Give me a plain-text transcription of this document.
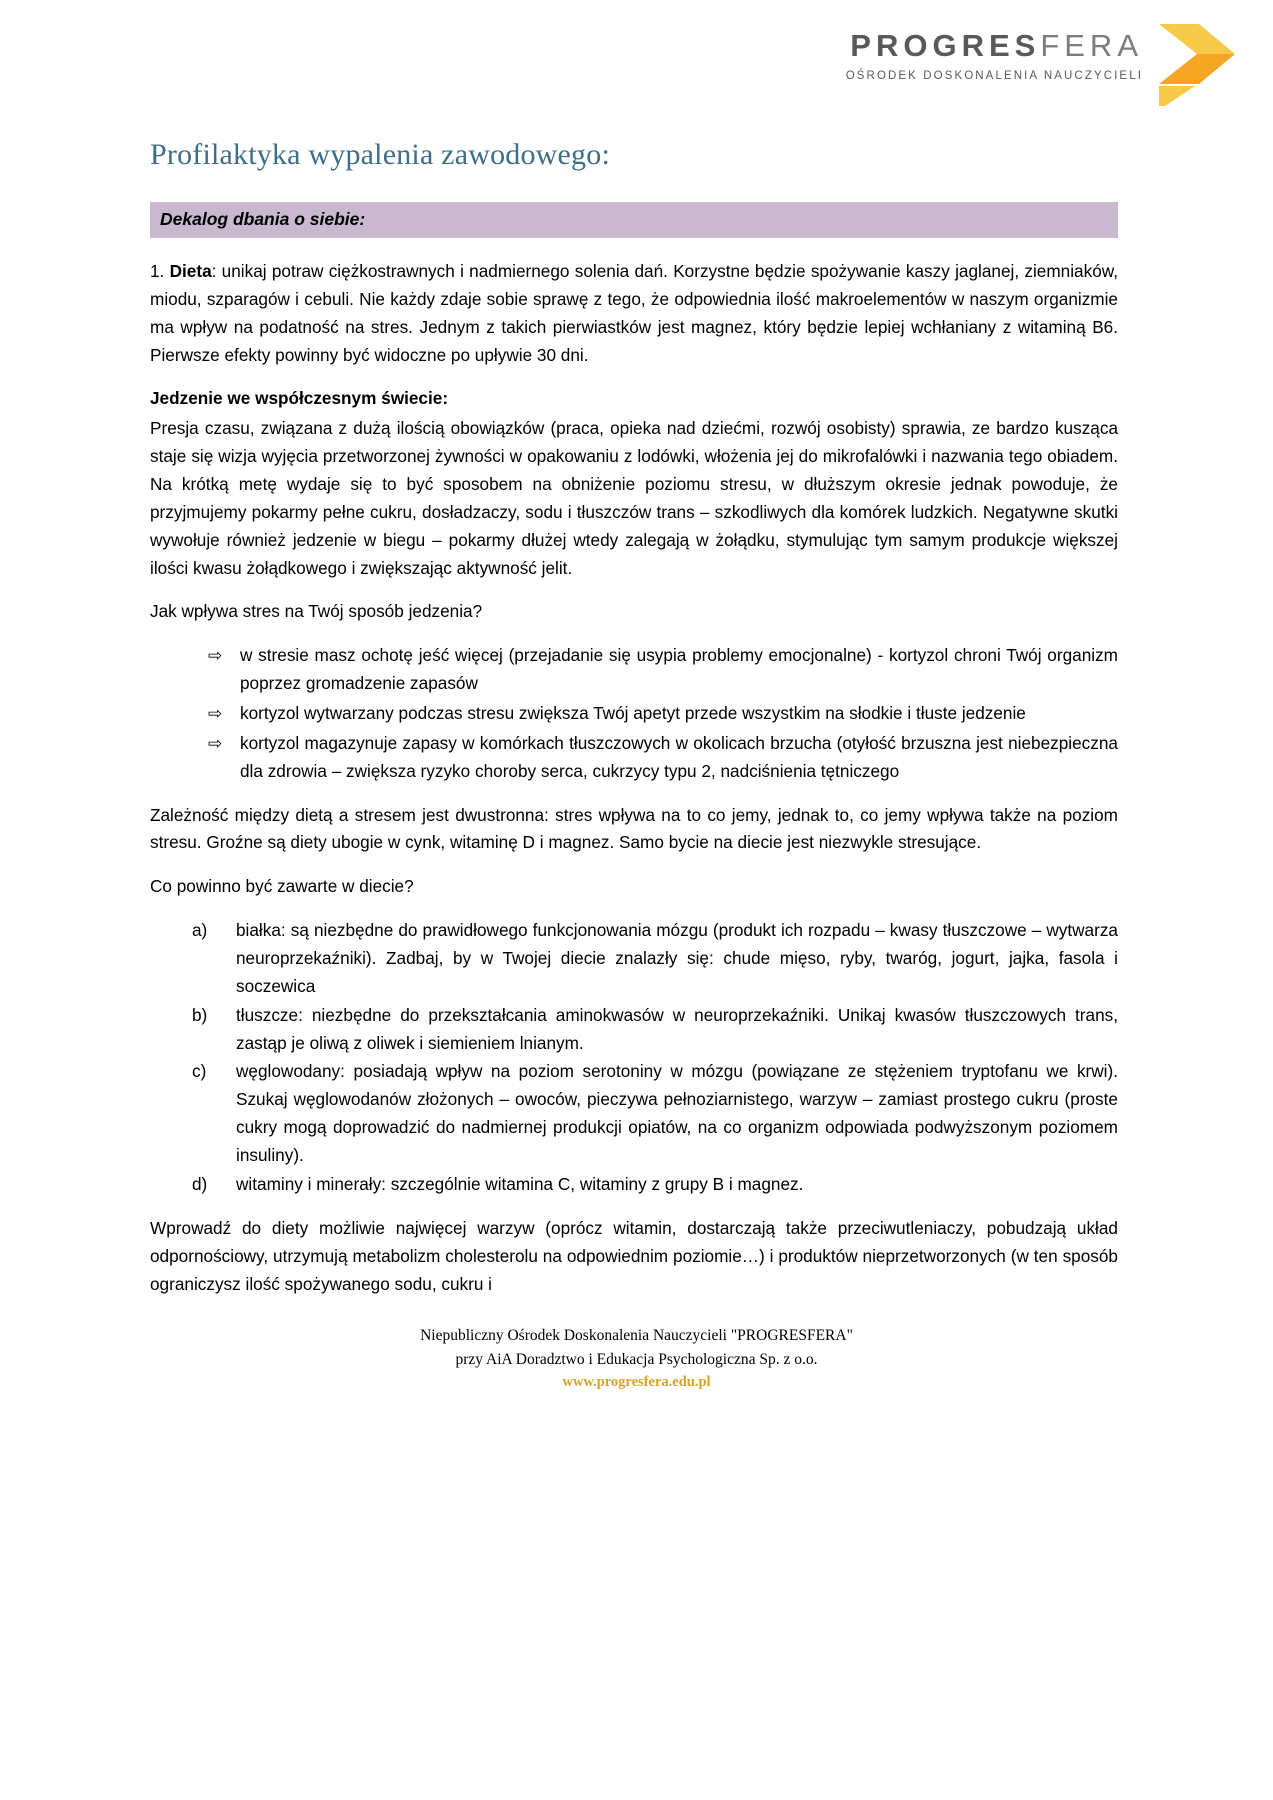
PROGRESFERA
OŚRODEK DOSKONALENIA NAUCZYCIELI
Profilaktyka wypalenia zawodowego:
Dekalog dbania o siebie:

1. Dieta: unikaj potraw ciężkostrawnych i nadmiernego solenia dań. Korzystne będzie spożywanie kaszy jaglanej, ziemniaków, miodu, szparagów i cebuli. Nie każdy zdaje sobie sprawę z tego, że odpowiednia ilość makroelementów w naszym organizmie ma wpływ na podatność na stres. Jednym z takich pierwiastków jest magnez, który będzie lepiej wchłaniany z witaminą B6. Pierwsze efekty powinny być widoczne po upływie 30 dni.

Jedzenie we współczesnym świecie:

Presja czasu, związana z dużą ilością obowiązków (praca, opieka nad dziećmi, rozwój osobisty) sprawia, ze bardzo kusząca staje się wizja wyjęcia przetworzonej żywności w opakowaniu z lodówki, włożenia jej do mikrofalówki i nazwania tego obiadem. Na krótką metę wydaje się to być sposobem na obniżenie poziomu stresu, w dłuższym okresie jednak powoduje, że przyjmujemy pokarmy pełne cukru, dosładzaczy, sodu i tłuszczów trans – szkodliwych dla komórek ludzkich. Negatywne skutki wywołuje również jedzenie w biegu – pokarmy dłużej wtedy zalegają w żołądku, stymulując tym samym produkcje większej ilości kwasu żołądkowego i zwiększając aktywność jelit.

Jak wpływa stres na Twój sposób jedzenia?

⇨ w stresie masz ochotę jeść więcej (przejadanie się usypia problemy emocjonalne) - kortyzol chroni Twój organizm poprzez gromadzenie zapasów
⇨ kortyzol wytwarzany podczas stresu zwiększa Twój apetyt przede wszystkim na słodkie i tłuste jedzenie
⇨ kortyzol magazynuje zapasy w komórkach tłuszczowych w okolicach brzucha (otyłość brzuszna jest niebezpieczna dla zdrowia – zwiększa ryzyko choroby serca, cukrzycy typu 2, nadciśnienia tętniczego

Zależność między dietą a stresem jest dwustronna: stres wpływa na to co jemy, jednak to, co jemy wpływa także na poziom stresu. Groźne są diety ubogie w cynk, witaminę D i magnez. Samo bycie na diecie jest niezwykle stresujące.

Co powinno być zawarte w diecie?

a)	białka: są niezbędne do prawidłowego funkcjonowania mózgu (produkt ich rozpadu – kwasy tłuszczowe – wytwarza neuroprzekaźniki). Zadbaj, by w Twojej diecie znalazły się: chude mięso, ryby, twaróg, jogurt, jajka, fasola i soczewica
b)	tłuszcze: niezbędne do przekształcania aminokwasów w neuroprzekaźniki. Unikaj kwasów tłuszczowych trans, zastąp je oliwą z oliwek i siemieniem lnianym.
c)	węglowodany: posiadają wpływ na poziom serotoniny w mózgu (powiązane ze stężeniem tryptofanu we krwi). Szukaj węglowodanów złożonych – owoców, pieczywa pełnoziarnistego, warzyw – zamiast prostego cukru (proste cukry mogą doprowadzić do nadmiernej produkcji opiatów, na co organizm odpowiada podwyższonym poziomem insuliny).
d)	witaminy i minerały: szczególnie witamina C, witaminy z grupy B i magnez.

Wprowadź do diety możliwie najwięcej warzyw (oprócz witamin, dostarczają także przeciwutleniaczy, pobudzają układ odpornościowy, utrzymują metabolizm cholesterolu na odpowiednim poziomie…) i produktów nieprzetworzonych (w ten sposób ograniczysz ilość spożywanego sodu, cukru i

Niepubliczny Ośrodek Doskonalenia Nauczycieli "PROGRESFERA"
przy AiA Doradztwo i Edukacja Psychologiczna Sp. z o.o.
www.progresfera.edu.pl
